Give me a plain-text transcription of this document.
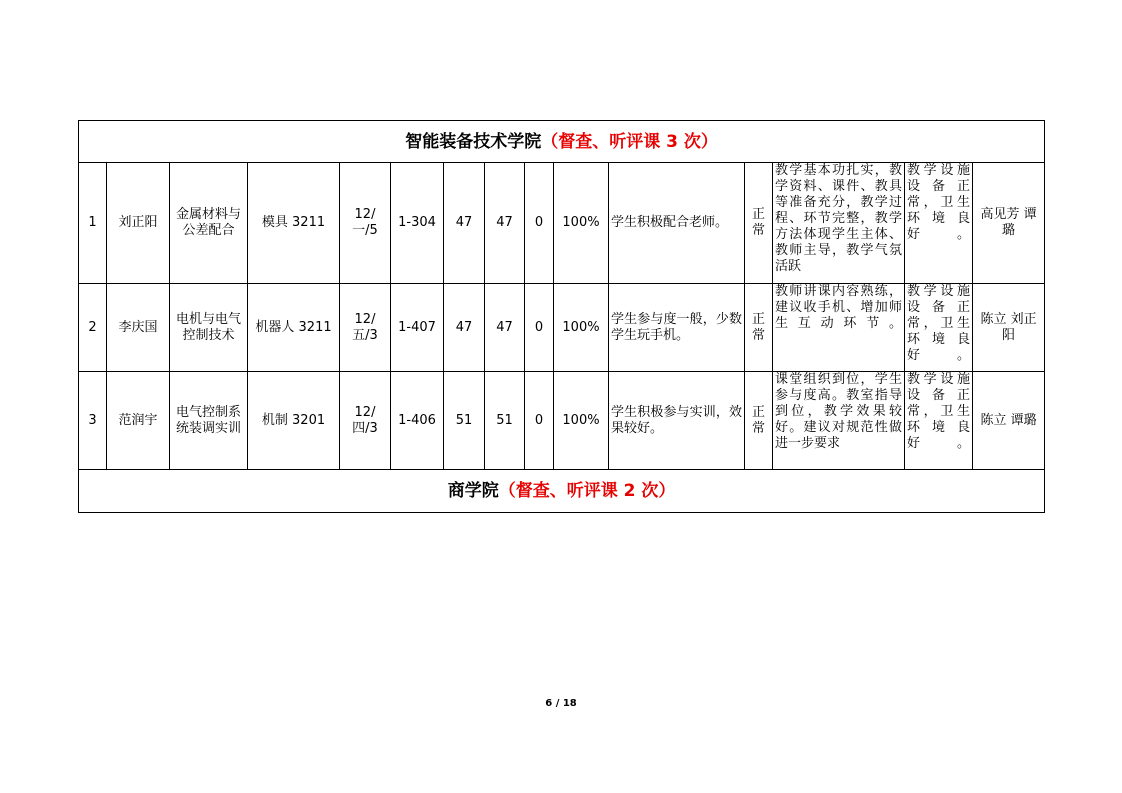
智能装备技术学院（督查、听评课 3 次）														
1	刘正阳	金属材料与公差配合	模具 3211	12/一/5	1-304	47	47	0	100%	学生积极配合老师。	正常	教学基本功扎实，教学资料、课件、教具等准备充分，教学过程、环节完整，教学方法体现学生主体、教师主导，教学气氛活跃	教学设施设备正常，卫生环境良好。	高见芳 谭璐
2	李庆国	电机与电气控制技术	机器人 3211	12/五/3	1-407	47	47	0	100%	学生参与度一般，少数学生玩手机。	正常	教师讲课内容熟练，建议收手机、增加师生互动环节。	教学设施设备正常，卫生环境良好。	陈立 刘正阳
3	范润宇	电气控制系统装调实训	机制 3201	12/四/3	1-406	51	51	0	100%	学生积极参与实训，效果较好。	正常	课堂组织到位，学生参与度高。教室指导到位，教学效果较好。建议对规范性做进一步要求	教学设施设备正常，卫生环境良好。	陈立 谭璐
商学院（督查、听评课 2 次）														
6 / 18
